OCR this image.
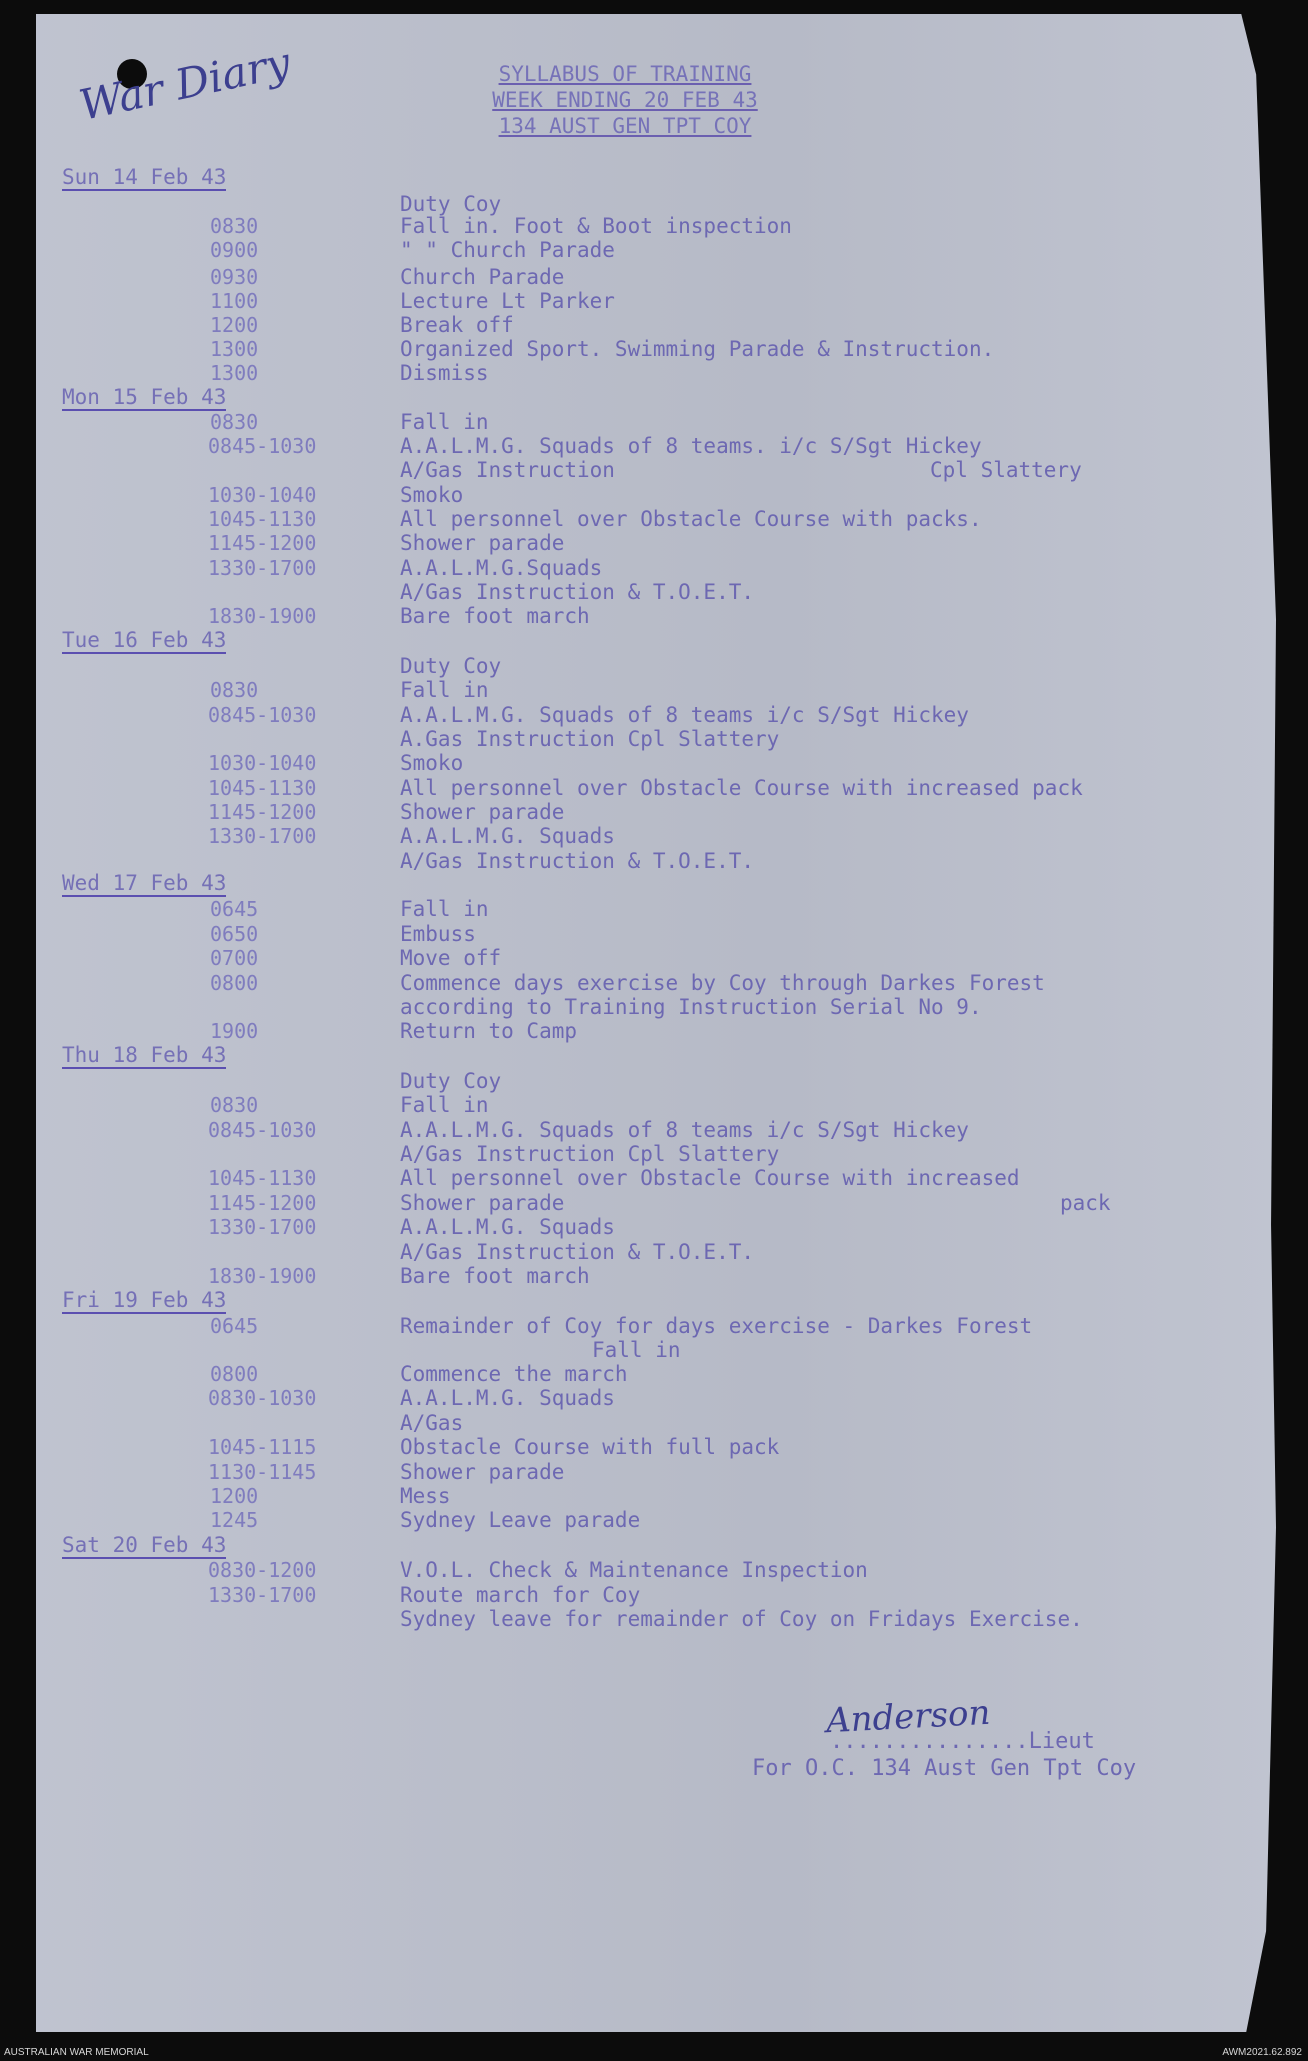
War Diary	SYLLABUS OF TRAINING
WEEK ENDING 20 FEB 43
134 AUST GEN TPT COY
Sun 14 Feb 43
Duty Coy
0830	Fall in. Foot & Boot inspection
0900	" " Church Parade
0930	Church Parade
1100	Lecture Lt Parker
1200	Break off
1300	Organized Sport. Swimming Parade & Instruction.
1300	Dismiss
Mon 15 Feb 43
0830	Fall in
0845-1030	A.A.L.M.G. Squads of 8 teams. i/c S/Sgt Hickey
A/Gas Instruction	Cpl Slattery
1030-1040	Smoko
1045-1130	All personnel over Obstacle Course with packs.
1145-1200	Shower parade
1330-1700	A.A.L.M.G.Squads
A/Gas Instruction & T.O.E.T.
1830-1900	Bare foot march
Tue 16 Feb 43
Duty Coy
0830	Fall in
0845-1030	A.A.L.M.G. Squads of 8 teams i/c S/Sgt Hickey
A.Gas Instruction Cpl Slattery
1030-1040	Smoko
1045-1130	All personnel over Obstacle Course with increased pack
1145-1200	Shower parade
1330-1700	A.A.L.M.G. Squads
A/Gas Instruction & T.O.E.T.
Wed 17 Feb 43
0645	Fall in
0650	Embuss
0700	Move off
0800	Commence days exercise by Coy through Darkes Forest
according to Training Instruction Serial No 9.
1900	Return to Camp
Thu 18 Feb 43
Duty Coy
0830	Fall in
0845-1030	A.A.L.M.G. Squads of 8 teams i/c S/Sgt Hickey
A/Gas Instruction Cpl Slattery
1045-1130	All personnel over Obstacle Course with increased
1145-1200	Shower parade	pack
1330-1700	A.A.L.M.G. Squads
A/Gas Instruction & T.O.E.T.
1830-1900	Bare foot march
Fri 19 Feb 43
0645	Remainder of Coy for days exercise - Darkes Forest
Fall in
0800	Commence the march
0830-1030	A.A.L.M.G. Squads
A/Gas
1045-1115	Obstacle Course with full pack
1130-1145	Shower parade
1200	Mess
1245	Sydney Leave parade
Sat 20 Feb 43
0830-1200	V.O.L. Check & Maintenance Inspection
1330-1700	Route march for Coy
Sydney leave for remainder of Coy on Fridays Exercise.
Anderson
...............Lieut
For O.C. 134 Aust Gen Tpt Coy
AUSTRALIAN WAR MEMORIAL	AWM2021.62.892
